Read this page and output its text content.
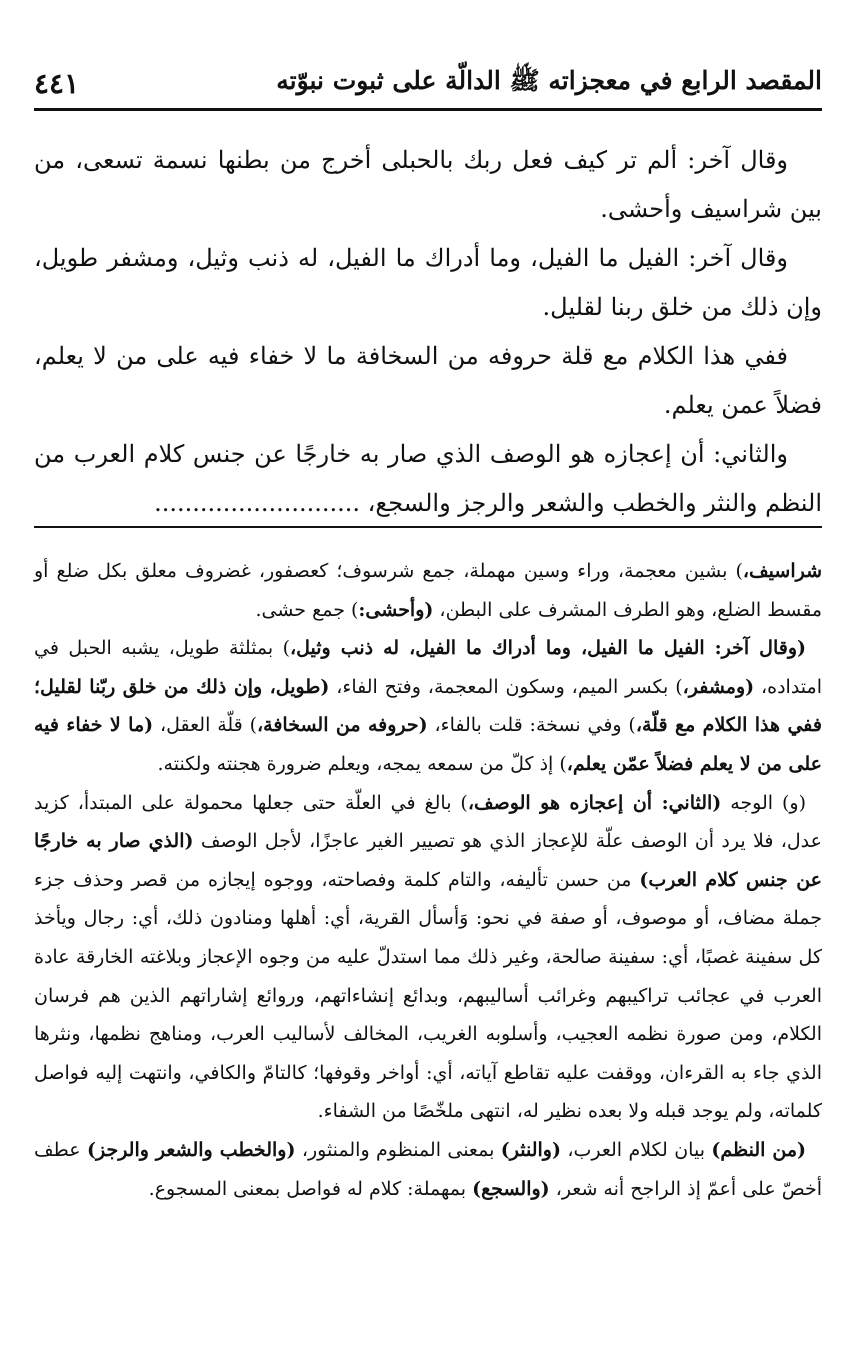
المقصد الرابع في معجزاته ﷺ الدالّة على ثبوت نبوّته
٤٤١

وقال آخر: ألم تر كيف فعل ربك بالحبلى أخرج من بطنها نسمة تسعى، من بين شراسيف وأحشى.

وقال آخر: الفيل ما الفيل، وما أدراك ما الفيل، له ذنب وثيل، ومشفر طويل، وإن ذلك من خلق ربنا لقليل.

ففي هذا الكلام مع قلة حروفه من السخافة ما لا خفاء فيه على من لا يعلم، فضلاً عمن يعلم.

والثاني: أن إعجازه هو الوصف الذي صار به خارجًا عن جنس كلام العرب من النظم والنثر والخطب والشعر والرجز والسجع، ...........................

شراسيف،) بشين معجمة، وراء وسين مهملة، جمع شرسوف؛ كعصفور، غضروف معلق بكل ضلع أو مقسط الضلع، وهو الطرف المشرف على البطن، (وأحشى:) جمع حشى.

(وقال آخر: الفيل ما الفيل، وما أدراك ما الفيل، له ذنب وثيل،) بمثلثة طويل، يشبه الحبل في امتداده، (ومشفر،) بكسر الميم، وسكون المعجمة، وفتح الفاء، (طويل، وإن ذلك من خلق ربّنا لقليل؛ ففي هذا الكلام مع قلّة،) وفي نسخة: قلت بالفاء، (حروفه من السخافة،) قلّة العقل، (ما لا خفاء فيه على من لا يعلم فضلاً عمّن يعلم،) إذ كلّ من سمعه يمجه، ويعلم ضرورة هجنته ولكنته.

(و) الوجه (الثاني: أن إعجازه هو الوصف،) بالغ في العلّة حتى جعلها محمولة على المبتدأ، كزيد عدل، فلا يرد أن الوصف علّة للإعجاز الذي هو تصيير الغير عاجزًا، لأجل الوصف (الذي صار به خارجًا عن جنس كلام العرب) من حسن تأليفه، والتام كلمة وفصاحته، ووجوه إيجازه من قصر وحذف جزء جملة مضاف، أو موصوف، أو صفة في نحو: وَأسأل القرية، أي: أهلها ومنادون ذلك، أي: رجال ويأخذ كل سفينة غصبًا، أي: سفينة صالحة، وغير ذلك مما استدلّ عليه من وجوه الإعجاز وبلاغته الخارقة عادة العرب في عجائب تراكيبهم وغرائب أساليبهم، وبدائع إنشاءاتهم، وروائع إشاراتهم الذين هم فرسان الكلام، ومن صورة نظمه العجيب، وأسلوبه الغريب، المخالف لأساليب العرب، ومناهج نظمها، ونثرها الذي جاء به القرءان، ووقفت عليه تقاطع آياته، أي: أواخر وقوفها؛ كالتامّ والكافي، وانتهت إليه فواصل كلماته، ولم يوجد قبله ولا بعده نظير له، انتهى ملخّصًا من الشفاء.

(من النظم) بيان لكلام العرب، (والنثر) بمعنى المنظوم والمنثور، (والخطب والشعر والرجز) عطف أخصّ على أعمّ إذ الراجح أنه شعر، (والسجع) بمهملة: كلام له فواصل بمعنى المسجوع.
